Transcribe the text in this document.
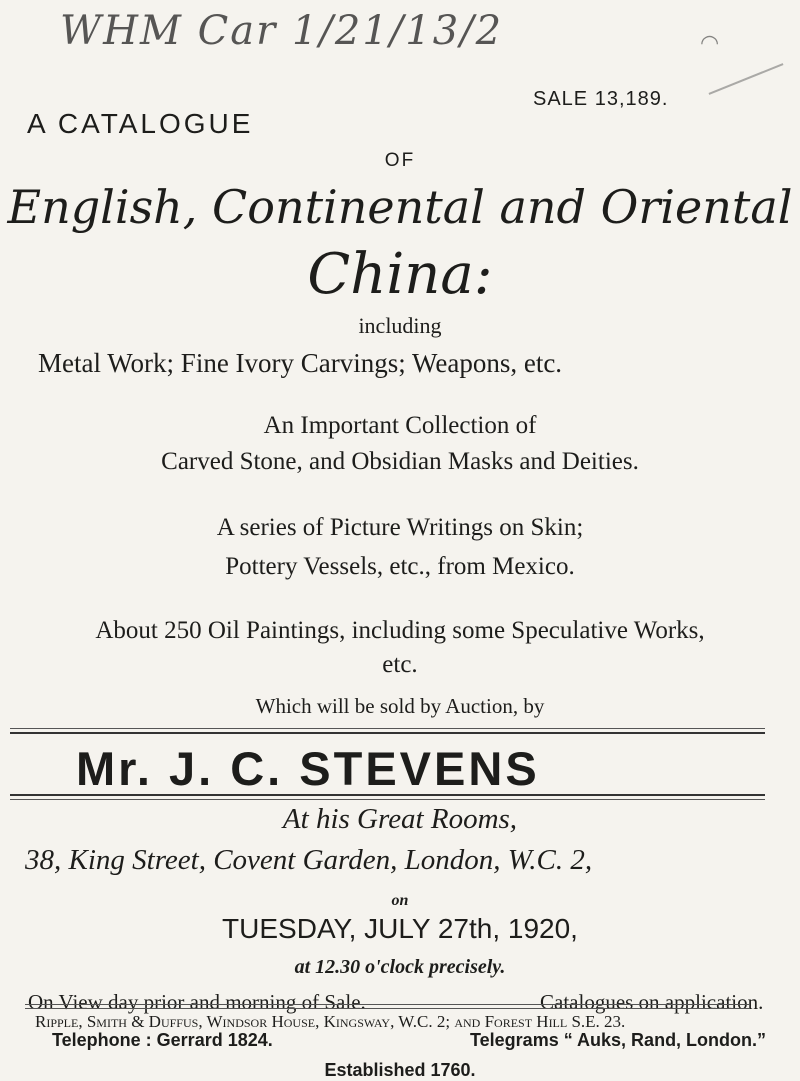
WHM Car 1/21/13/2	◠
SALE 13,189.
A CATALOGUE
OF
English, Continental and Oriental
China:
including
Metal Work; Fine Ivory Carvings; Weapons, etc.
An Important Collection of
Carved Stone, and Obsidian Masks and Deities.
A series of Picture Writings on Skin;
Pottery Vessels, etc., from Mexico.
About 250 Oil Paintings, including some Speculative Works,
etc.
Which will be sold by Auction, by
Mr. J. C. STEVENS
At his Great Rooms,
38, King Street, Covent Garden, London, W.C. 2,
on
TUESDAY, JULY 27th, 1920,
at 12.30 o'clock precisely.
On View day prior and morning of Sale.	Catalogues on application.
Ripple, Smith & Duffus, Windsor House, Kingsway, W.C. 2; and Forest Hill S.E. 23.
Telephone : Gerrard 1824.	Telegrams “ Auks, Rand, London.”
Established 1760.
